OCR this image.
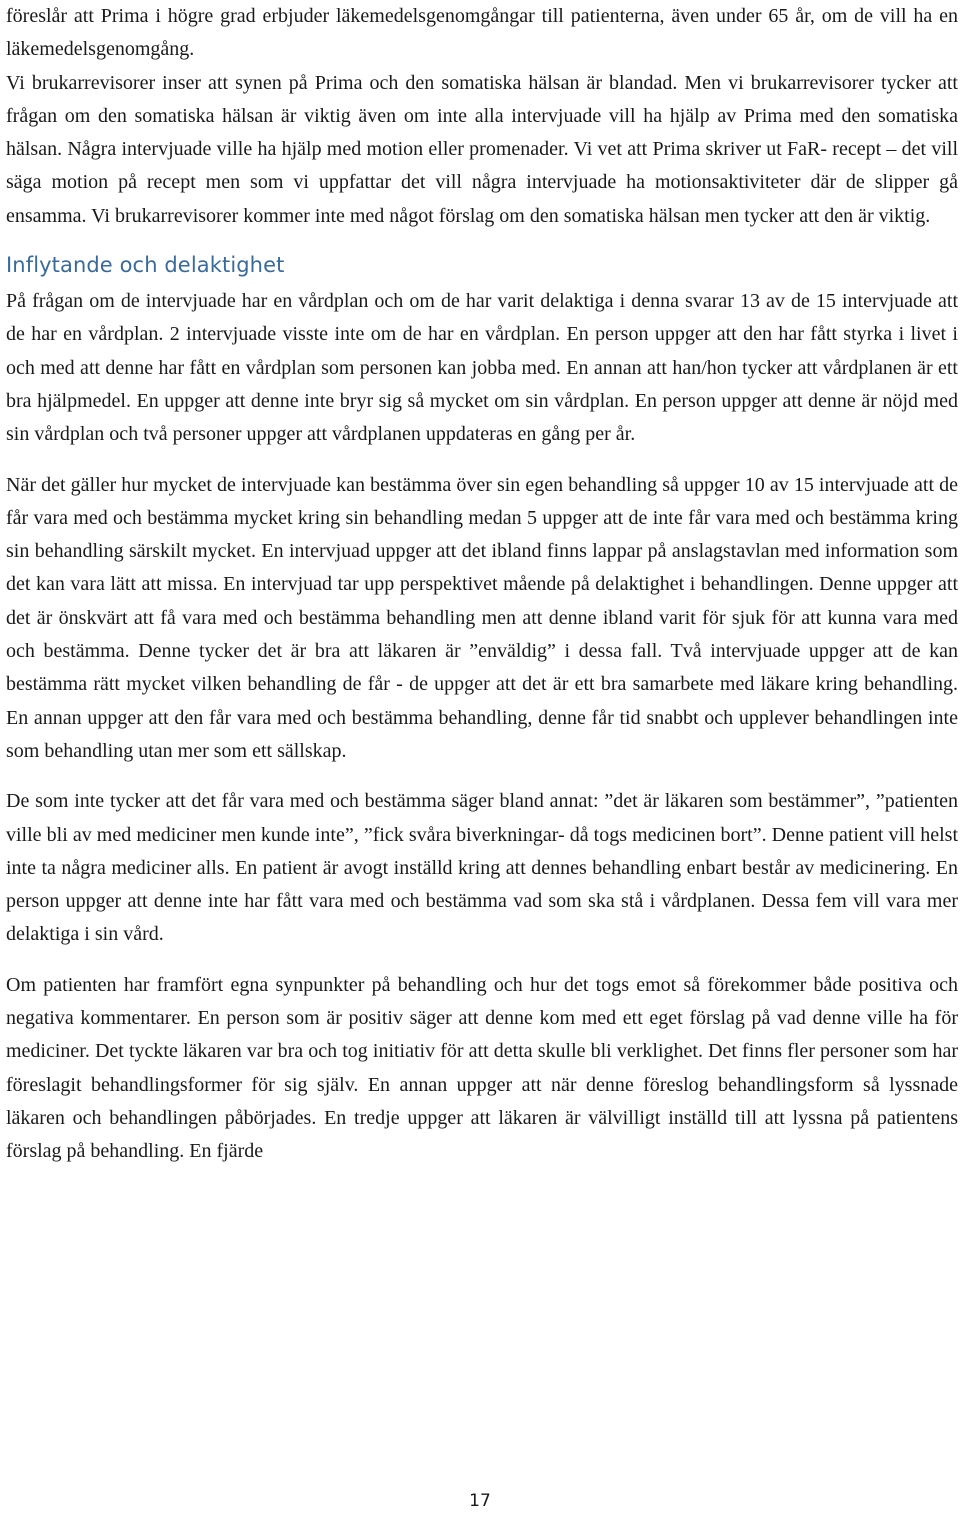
föreslår att Prima i högre grad erbjuder läkemedelsgenomgångar till patienterna, även under 65 år, om de vill ha en läkemedelsgenomgång.

Vi brukarrevisorer inser att synen på Prima och den somatiska hälsan är blandad. Men vi brukarrevisorer tycker att frågan om den somatiska hälsan är viktig även om inte alla intervjuade vill ha hjälp av Prima med den somatiska hälsan. Några intervjuade ville ha hjälp med motion eller promenader. Vi vet att Prima skriver ut FaR- recept – det vill säga motion på recept men som vi uppfattar det vill några intervjuade ha motionsaktiviteter där de slipper gå ensamma. Vi brukarrevisorer kommer inte med något förslag om den somatiska hälsan men tycker att den är viktig.

Inflytande och delaktighet

På frågan om de intervjuade har en vårdplan och om de har varit delaktiga i denna svarar 13 av de 15 intervjuade att de har en vårdplan. 2 intervjuade visste inte om de har en vårdplan. En person uppger att den har fått styrka i livet i och med att denne har fått en vårdplan som personen kan jobba med. En annan att han/hon tycker att vårdplanen är ett bra hjälpmedel. En uppger att denne inte bryr sig så mycket om sin vårdplan. En person uppger att denne är nöjd med sin vårdplan och två personer uppger att vårdplanen uppdateras en gång per år.

När det gäller hur mycket de intervjuade kan bestämma över sin egen behandling så uppger 10 av 15 intervjuade att de får vara med och bestämma mycket kring sin behandling medan 5 uppger att de inte får vara med och bestämma kring sin behandling särskilt mycket. En intervjuad uppger att det ibland finns lappar på anslagstavlan med information som det kan vara lätt att missa. En intervjuad tar upp perspektivet mående på delaktighet i behandlingen. Denne uppger att det är önskvärt att få vara med och bestämma behandling men att denne ibland varit för sjuk för att kunna vara med och bestämma. Denne tycker det är bra att läkaren är ”enväldig” i dessa fall. Två intervjuade uppger att de kan bestämma rätt mycket vilken behandling de får - de uppger att det är ett bra samarbete med läkare kring behandling. En annan uppger att den får vara med och bestämma behandling, denne får tid snabbt och upplever behandlingen inte som behandling utan mer som ett sällskap.

De som inte tycker att det får vara med och bestämma säger bland annat: ”det är läkaren som bestämmer”, ”patienten ville bli av med mediciner men kunde inte”, ”fick svåra biverkningar- då togs medicinen bort”. Denne patient vill helst inte ta några mediciner alls. En patient är avogt inställd kring att dennes behandling enbart består av medicinering. En person uppger att denne inte har fått vara med och bestämma vad som ska stå i vårdplanen. Dessa fem vill vara mer delaktiga i sin vård.

Om patienten har framfört egna synpunkter på behandling och hur det togs emot så förekommer både positiva och negativa kommentarer. En person som är positiv säger att denne kom med ett eget förslag på vad denne ville ha för mediciner. Det tyckte läkaren var bra och tog initiativ för att detta skulle bli verklighet. Det finns fler personer som har föreslagit behandlingsformer för sig själv. En annan uppger att när denne föreslog behandlingsform så lyssnade läkaren och behandlingen påbörjades. En tredje uppger att läkaren är välvilligt inställd till att lyssna på patientens förslag på behandling. En fjärde

17
